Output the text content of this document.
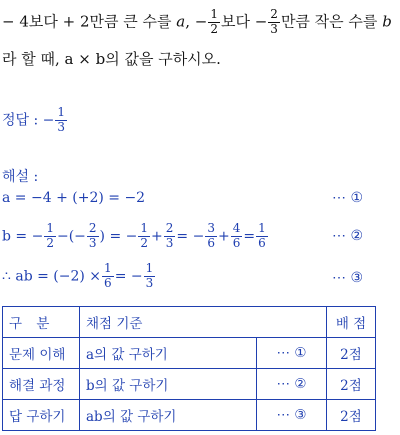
− 4보다 + 2만큼 큰 수를 a, − $\frac{1}{2}$ 보다 − $\frac{2}{3}$ 만큼 작은 수를 b
라 할 때, a × b의 값을 구하시오.
정답 : − $\frac{1}{3}$
해설 :
a = −4 + (+2) = −2	⋯ ①
b = − $\frac{1}{2}$ −(− $\frac{2}{3}$ ) = − $\frac{1}{2} + \frac{2}{3}$ = − $\frac{3}{6} + \frac{4}{6} = \frac{1}{6}$	⋯ ②
∴ ab = $(-2) \times \frac{1}{6}$ = − $\frac{1}{3}$	⋯ ③
구 분	채점 기준		배 점
문제 이해	a의 값 구하기	⋯ ①	2점
해결 과정	b의 값 구하기	⋯ ②	2점
답 구하기	ab의 값 구하기	⋯ ③	2점
